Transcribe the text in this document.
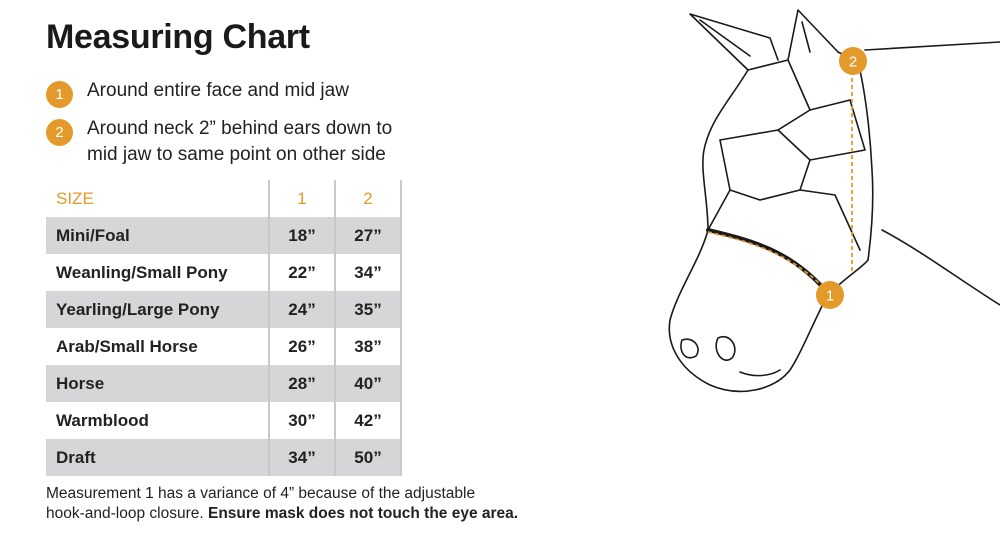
Measuring Chart
1	Around entire face and mid jaw
2	Around neck 2” behind ears down to
mid jaw to same point on other side
SIZE	1	2
Mini/Foal	18”	27”
Weanling/Small Pony	22”	34”
Yearling/Large Pony	24”	35”
Arab/Small Horse	26”	38”
Horse	28”	40”
Warmblood	30”	42”
Draft	34”	50”
Measurement 1 has a variance of 4” because of the adjustable
hook-and-loop closure. Ensure mask does not touch the eye area.
2
1
